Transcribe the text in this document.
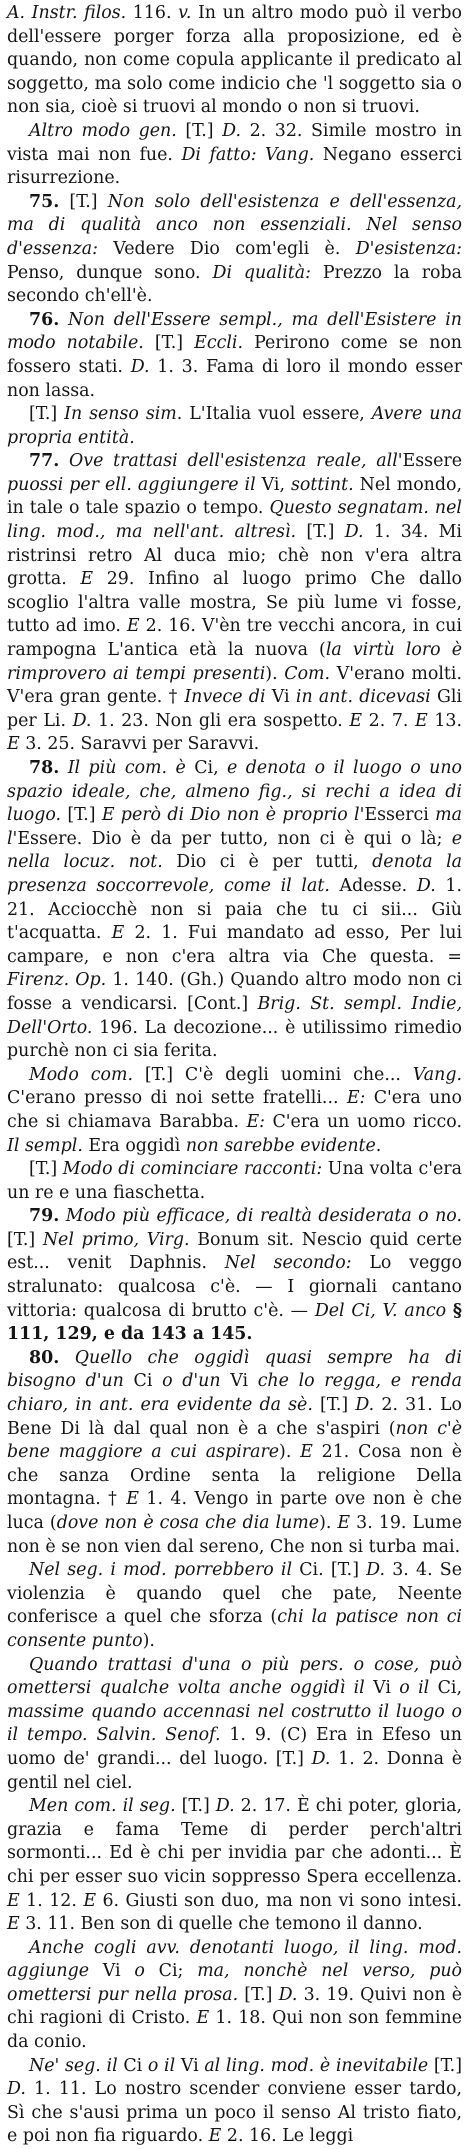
A. Instr. filos. 116. v. In un altro modo può il verbo dell'essere porger forza alla proposizione, ed è quando, non come copula applicante il predicato al soggetto, ma solo come indicio che 'l soggetto sia o non sia, cioè si truovi al mondo o non si truovi.

Altro modo gen. [T.] D. 2. 32. Simile mostro in vista mai non fue. Di fatto: Vang. Negano esserci risurrezione.

75. [T.] Non solo dell'esistenza e dell'essenza, ma di qualità anco non essenziali. Nel senso d'essenza: Vedere Dio com'egli è. D'esistenza: Penso, dunque sono. Di qualità: Prezzo la roba secondo ch'ell'è.

76. Non dell'Essere sempl., ma dell'Esistere in modo notabile. [T.] Eccli. Perirono come se non fossero stati. D. 1. 3. Fama di loro il mondo esser non lassa.

[T.] In senso sim. L'Italia vuol essere, Avere una propria entità.

77. Ove trattasi dell'esistenza reale, all'Essere puossi per ell. aggiungere il Vi, sottint. Nel mondo, in tale o tale spazio o tempo. Questo segnatam. nel ling. mod., ma nell'ant. altresì. [T.] D. 1. 34. Mi ristrinsi retro Al duca mio; chè non v'era altra grotta. E 29. Infino al luogo primo Che dallo scoglio l'altra valle mostra, Se più lume vi fosse, tutto ad imo. E 2. 16. V'èn tre vecchi ancora, in cui rampogna L'antica età la nuova (la virtù loro è rimprovero ai tempi presenti). Com. V'erano molti. V'era gran gente. † Invece di Vi in ant. dicevasi Gli per Li. D. 1. 23. Non gli era sospetto. E 2. 7. E 13. E 3. 25. Saravvi per Saravvi.

78. Il più com. è Ci, e denota o il luogo o uno spazio ideale, che, almeno fig., si rechi a idea di luogo. [T.] E però di Dio non è proprio l'Esserci ma l'Essere. Dio è da per tutto, non ci è qui o là; e nella locuz. not. Dio ci è per tutti, denota la presenza soccorrevole, come il lat. Adesse. D. 1. 21. Acciocchè non si paia che tu ci sii... Giù t'acquatta. E 2. 1. Fui mandato ad esso, Per lui campare, e non c'era altra via Che questa. = Firenz. Op. 1. 140. (Gh.) Quando altro modo non ci fosse a vendicarsi. [Cont.] Brig. St. sempl. Indie, Dell'Orto. 196. La decozione... è utilissimo rimedio purchè non ci sia ferita.

Modo com. [T.] C'è degli uomini che... Vang. C'erano presso di noi sette fratelli... E: C'era uno che si chiamava Barabba. E: C'era un uomo ricco. Il sempl. Era oggidì non sarebbe evidente.

[T.] Modo di cominciare racconti: Una volta c'era un re e una fiaschetta.

79. Modo più efficace, di realtà desiderata o no. [T.] Nel primo, Virg. Bonum sit. Nescio quid certe est... venit Daphnis. Nel secondo: Lo veggo stralunato: qualcosa c'è. — I giornali cantano vittoria: qualcosa di brutto c'è. — Del Ci, V. anco § 111, 129, e da 143 a 145.

80. Quello che oggidì quasi sempre ha di bisogno d'un Ci o d'un Vi che lo regga, e renda chiaro, in ant. era evidente da sè. [T.] D. 2. 31. Lo Bene Di là dal qual non è a che s'aspiri (non c'è bene maggiore a cui aspirare). E 21. Cosa non è che sanza Ordine senta la religione Della montagna. † E 1. 4. Vengo in parte ove non è che luca (dove non è cosa che dia lume). E 3. 19. Lume non è se non vien dal sereno, Che non si turba mai.

Nel seg. i mod. porrebbero il Ci. [T.] D. 3. 4. Se violenzia è quando quel che pate, Neente conferisce a quel che sforza (chi la patisce non ci consente punto).

Quando trattasi d'una o più pers. o cose, può omettersi qualche volta anche oggidì il Vi o il Ci, massime quando accennasi nel costrutto il luogo o il tempo. Salvin. Senof. 1. 9. (C) Era in Efeso un uomo de' grandi... del luogo. [T.] D. 1. 2. Donna è gentil nel ciel.

Men com. il seg. [T.] D. 2. 17. È chi poter, gloria, grazia e fama Teme di perder perch'altri sormonti... Ed è chi per invidia par che adonti... È chi per esser suo vicin soppresso Spera eccellenza. E 1. 12. E 6. Giusti son duo, ma non vi sono intesi. E 3. 11. Ben son di quelle che temono il danno.

Anche cogli avv. denotanti luogo, il ling. mod. aggiunge Vi o Ci; ma, nonchè nel verso, può omettersi pur nella prosa. [T.] D. 3. 19. Quivi non è chi ragioni di Cristo. E 1. 18. Qui non son femmine da conio.

Ne' seg. il Ci o il Vi al ling. mod. è inevitabile [T.] D. 1. 11. Lo nostro scender conviene esser tardo, Sì che s'ausi prima un poco il senso Al tristo fiato, e poi non fia riguardo. E 2. 16. Le leggi
